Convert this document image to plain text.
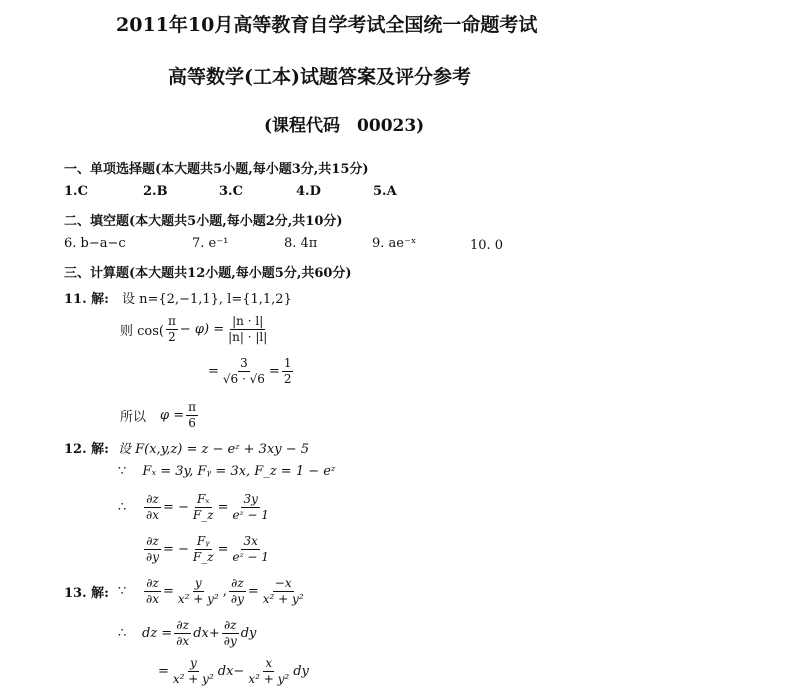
2011年10月高等教育自学考试全国统一命题考试
高等数学(工本)试题答案及评分参考
(课程代码　00023)
一、单项选择题(本大题共5小题,每小题3分,共15分)
1.C	2.B	3.C	4.D	5.A
二、填空题(本大题共5小题,每小题2分,共10分)
6. b−a−c	7. e⁻¹	8. 4π	9. ae⁻ˣ	10. 0
三、计算题(本大题共12小题,每小题5分,共60分)
11. 解: 设 n={2,−1,1}, l={1,1,2}
则 $\cos( \frac{\pi}{2} - \varphi) = \frac{|n \cdot l|}{|n| \cdot |l|}$
= $\frac{3}{√6 \cdot √6} = \frac{1}{2}$
所以 $\varphi = \frac{\pi}{6}$
12. 解: 设 F(x,y,z) = z − eᶻ + 3xy − 5
∵ Fₓ = 3y, Fᵧ = 3x, F_z = 1 − eᶻ
∴	$\frac{\partial z}{\partial x}$ = − $\frac{\text{Fₓ}}{F\_z} = \frac{3y}{\text{eᶻ − 1}}$
$\frac{\partial z}{\partial y}$ = − $\frac{\text{Fᵧ}}{F\_z} = \frac{3x}{\text{eᶻ − 1}}$
13. 解: ∵	$\frac{\partial z}{\partial x} = \frac{y}{\text{x² + y²}}$ , $\frac{\partial z}{\partial y} = \frac{-x}{\text{x² + y²}}$
∴	dz = $\frac{\partial z}{\partial x}$ dx + $\frac{\partial z}{\partial y}$ dy
= $\frac{y}{\text{x² + y²}}$ dx − $\frac{x}{\text{x² + y²}}$ dy
